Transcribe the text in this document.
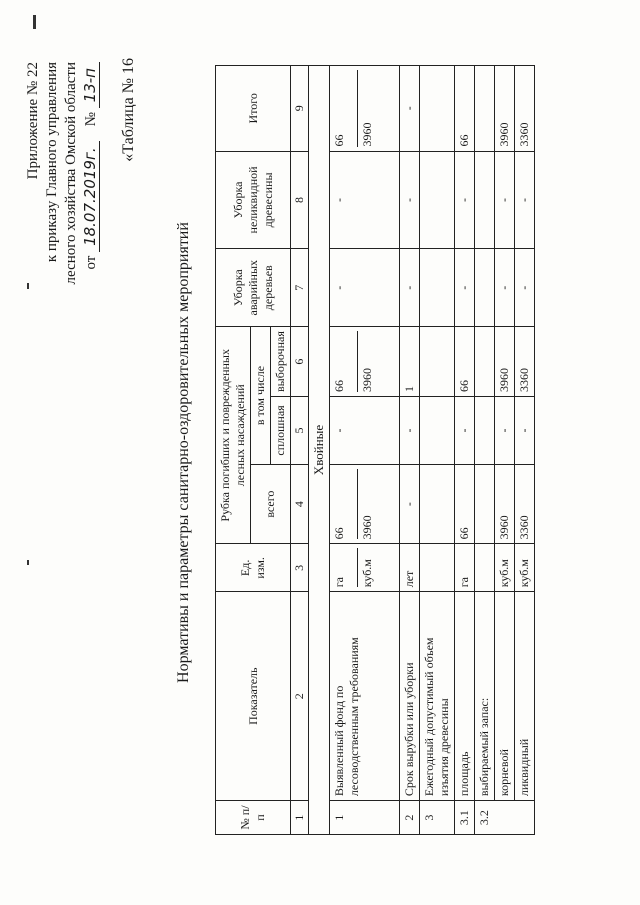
Приложение № 22 к приказу Главного управления лесного хозяйства Омской области от 18.07.2019г.    № 13-п «Таблица № 16
Нормативы и параметры санитарно-оздоровительных мероприятий
№ п/п	Показатель	Ед. изм.	Рубка погибших и поврежденных лесных насаждений			Уборка аварийных деревьев	Уборка неликвидной древесины	Итого
			всего	в том числе				
				сплошная	выборочная			
1	2	3	4	5	6	7	8	9
Хвойные								
1	Выявленный фонд по лесоводственным требованиям	га куб.м	66 3960	-	66 3960	-	-	66 3960

2	Срок вырубки или уборки	лет	-	-	1	-	-	-
3	Ежегодный допустимый объем изъятия древесины							
3.1	площадь	га	66	-	66	-	-	66
3.2	выбираемый запас:							
	корневой	куб.м	3960	-	3960	-	-	3960
	ликвидный	куб.м	3360	-	3360	-	-	3360
